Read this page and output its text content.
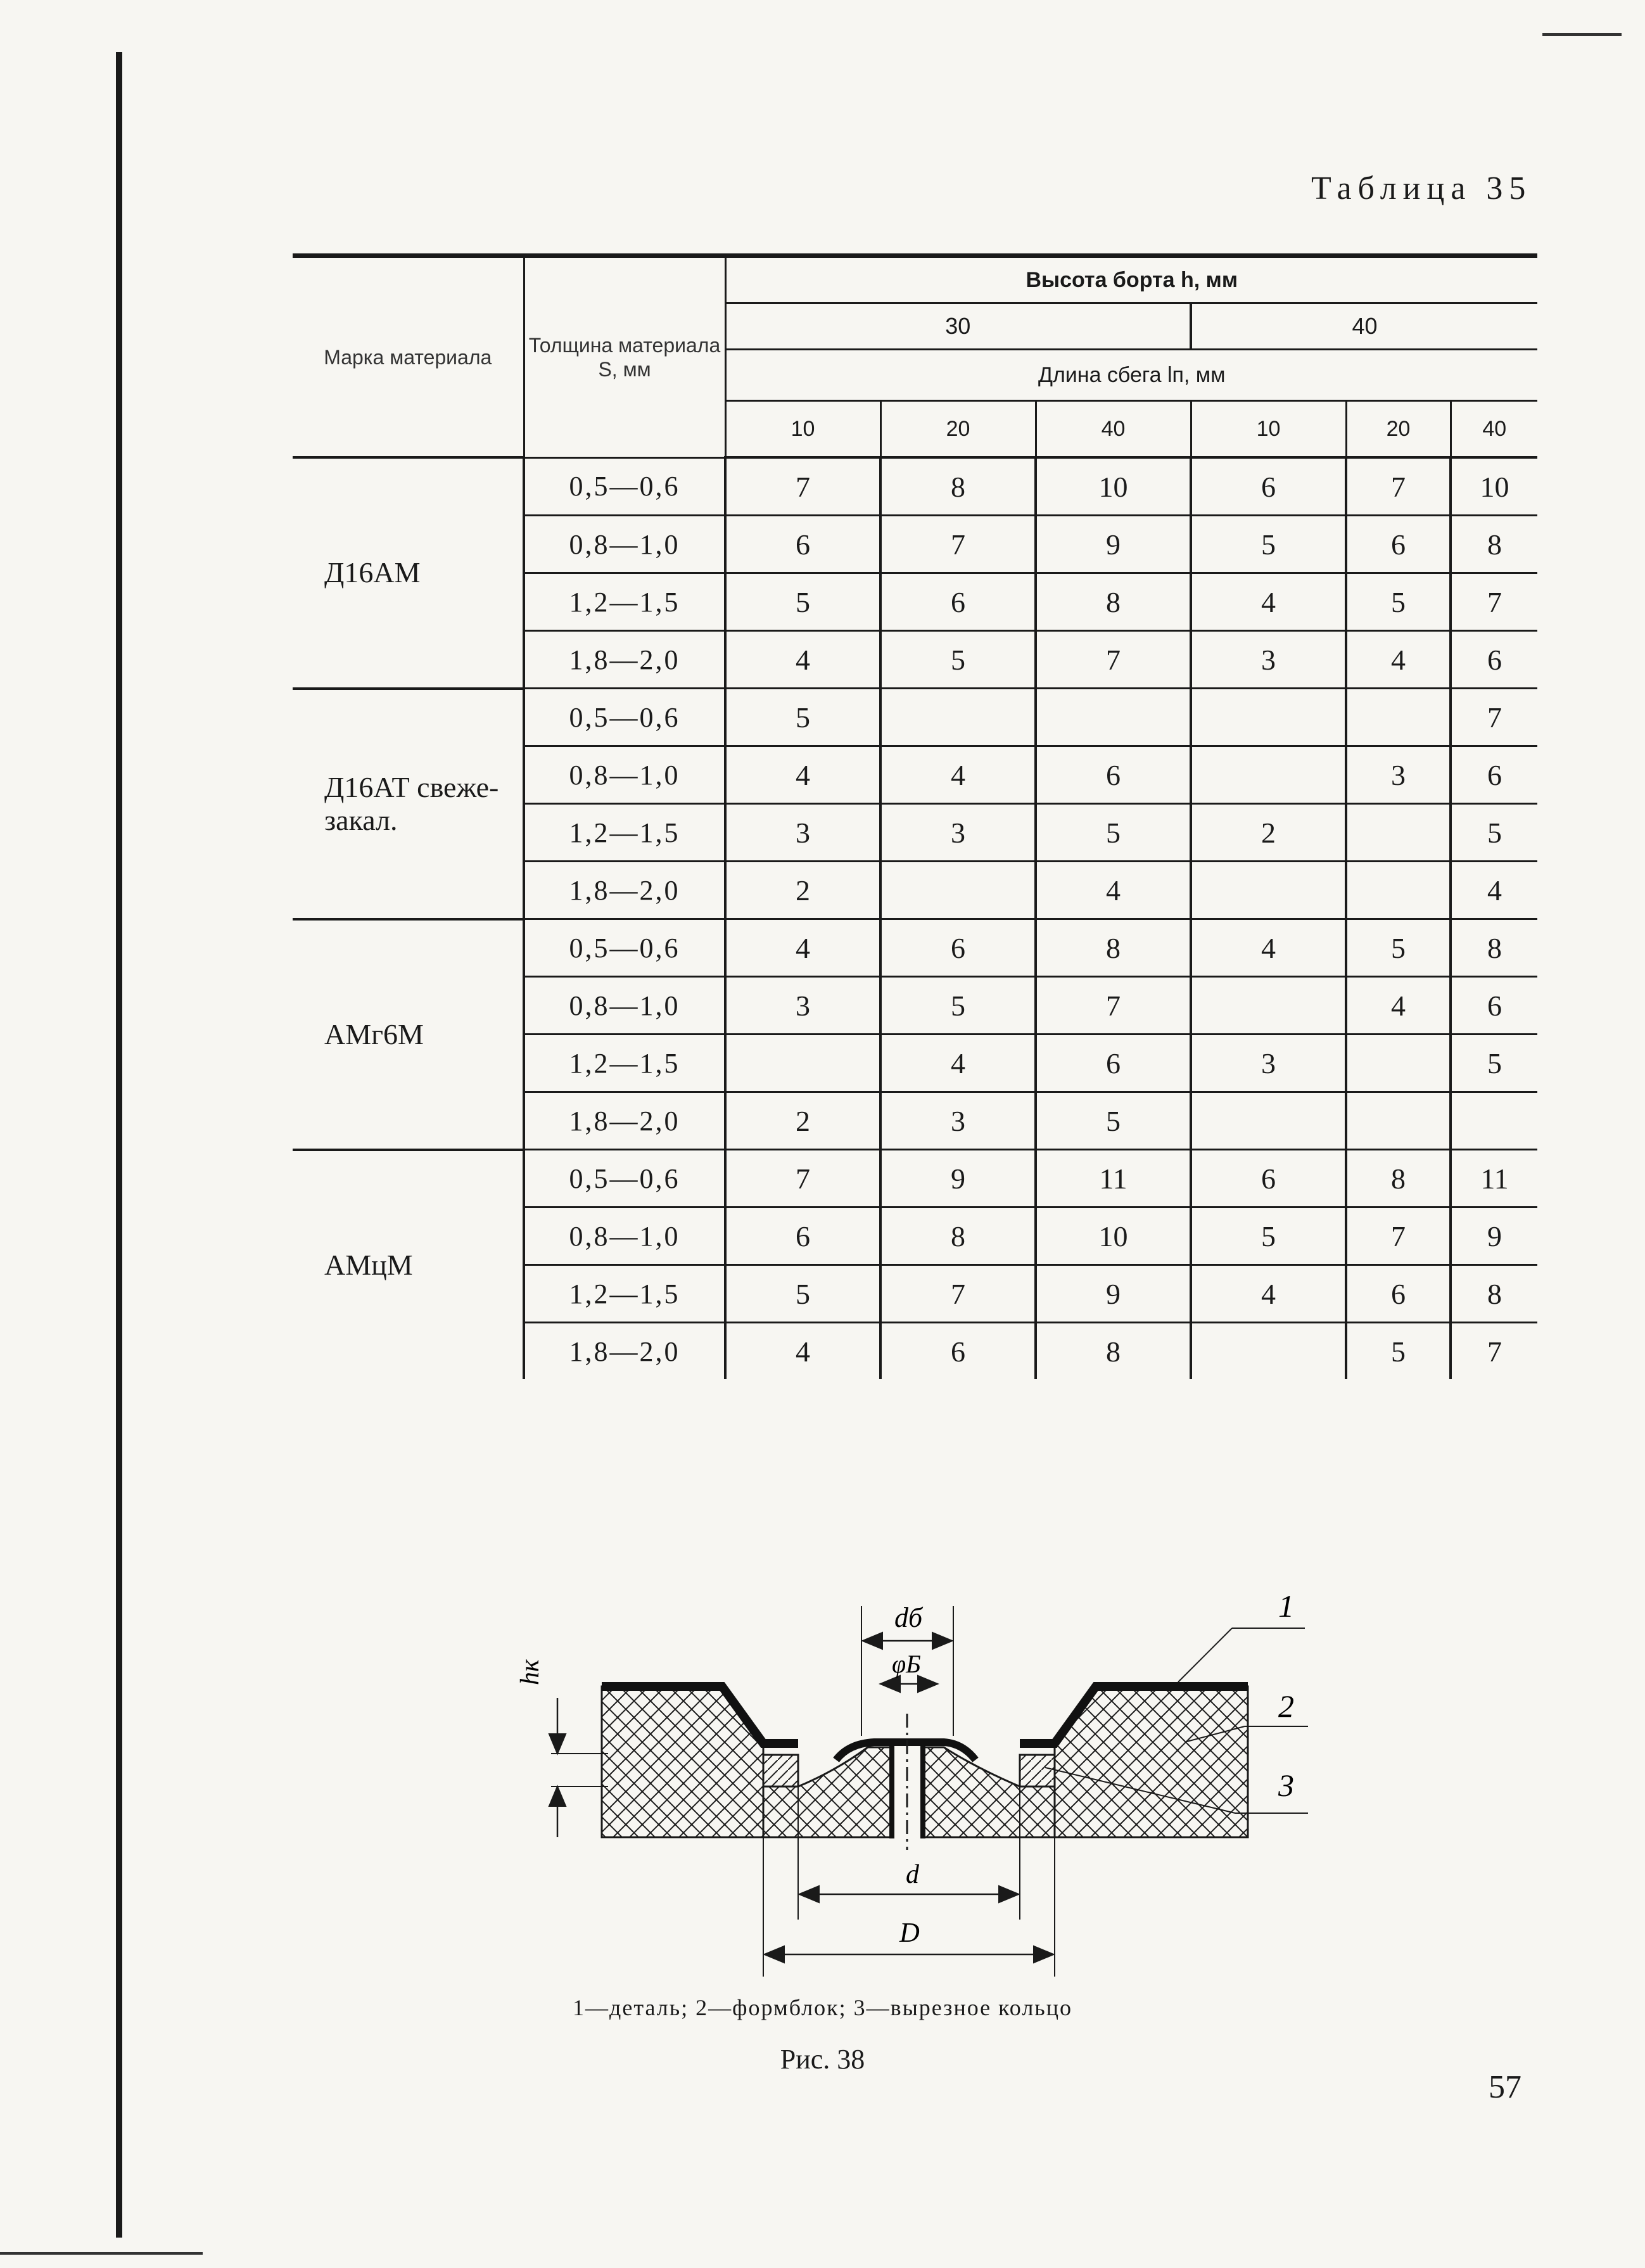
Таблица 35
Марка материала	Толщина материала S, мм	Высота борта h, мм					
		30			40		
		Длина сбега lп, мм					
		10	20	40	10	20	40
Д16АМ	0,5—0,6	7	8	10	6	7	10
	0,8—1,0	6	7	9	5	6	8
	1,2—1,5	5	6	8	4	5	7
	1,8—2,0	4	5	7	3	4	6
Д16АТ свеже-закал.	0,5—0,6	5					7
	0,8—1,0	4	4	6		3	6
	1,2—1,5	3	3	5	2		5
	1,8—2,0	2		4			4
АМг6М	0,5—0,6	4	6	8	4	5	8
	0,8—1,0	3	5	7		4	6
	1,2—1,5		4	6	3		5
	1,8—2,0	2	3	5			
АМцМ	0,5—0,6	7	9	11	6	8	11
	0,8—1,0	6	8	10	5	7	9
	1,2—1,5	5	7	9	4	6	8
	1,8—2,0	4	6	8		5	7
dб
φБ
hк
d
D
1
2
3
1—деталь; 2—формблок; 3—вырезное кольцо
Рис. 38
57
